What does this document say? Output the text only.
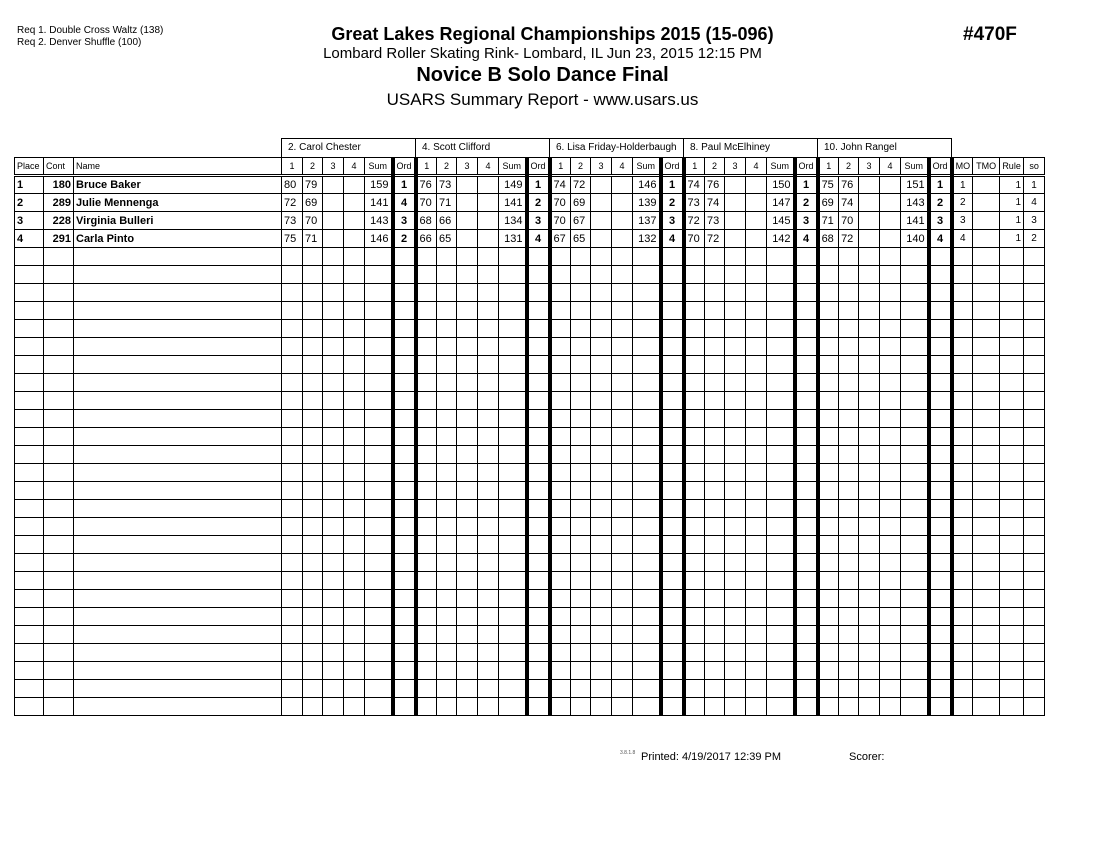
Req 1. Double Cross Waltz (138)
Req 2. Denver Shuffle (100)	Great Lakes Regional Championships 2015 (15-096)
Lombard Roller Skating Rink- Lombard, IL Jun 23, 2015 12:15 PM
Novice B Solo Dance Final
USARS Summary Report - www.usars.us
#470F
2. Carol Chester	4. Scott Clifford	6. Lisa Friday-Holderbaugh	8. Paul McElhiney	10. John Rangel
Place	Cont	Name	1	2	3	4	Sum	Ord	1	2	3	4	Sum	Ord	1	2	3	4	Sum	Ord	1	2	3	4	Sum	Ord	1	2	3	4	Sum	Ord	MO	TMO	Rule	so
1	180	Bruce Baker	80	79			159	1	76	73			149	1	74	72			146	1	74	76			150	1	75	76			151	1	1		1	1
2	289	Julie Mennenga	72	69			141	4	70	71			141	2	70	69			139	2	73	74			147	2	69	74			143	2	2		1	4
3	228	Virginia Bulleri	73	70			143	3	68	66			134	3	70	67			137	3	72	73			145	3	71	70			141	3	3		1	3
4	291	Carla Pinto	75	71			146	2	66	65			131	4	67	65			132	4	70	72			142	4	68	72			140	4	4		1	2

3.8.1.8 Printed: 4/19/2017 12:39 PM	Scorer:
